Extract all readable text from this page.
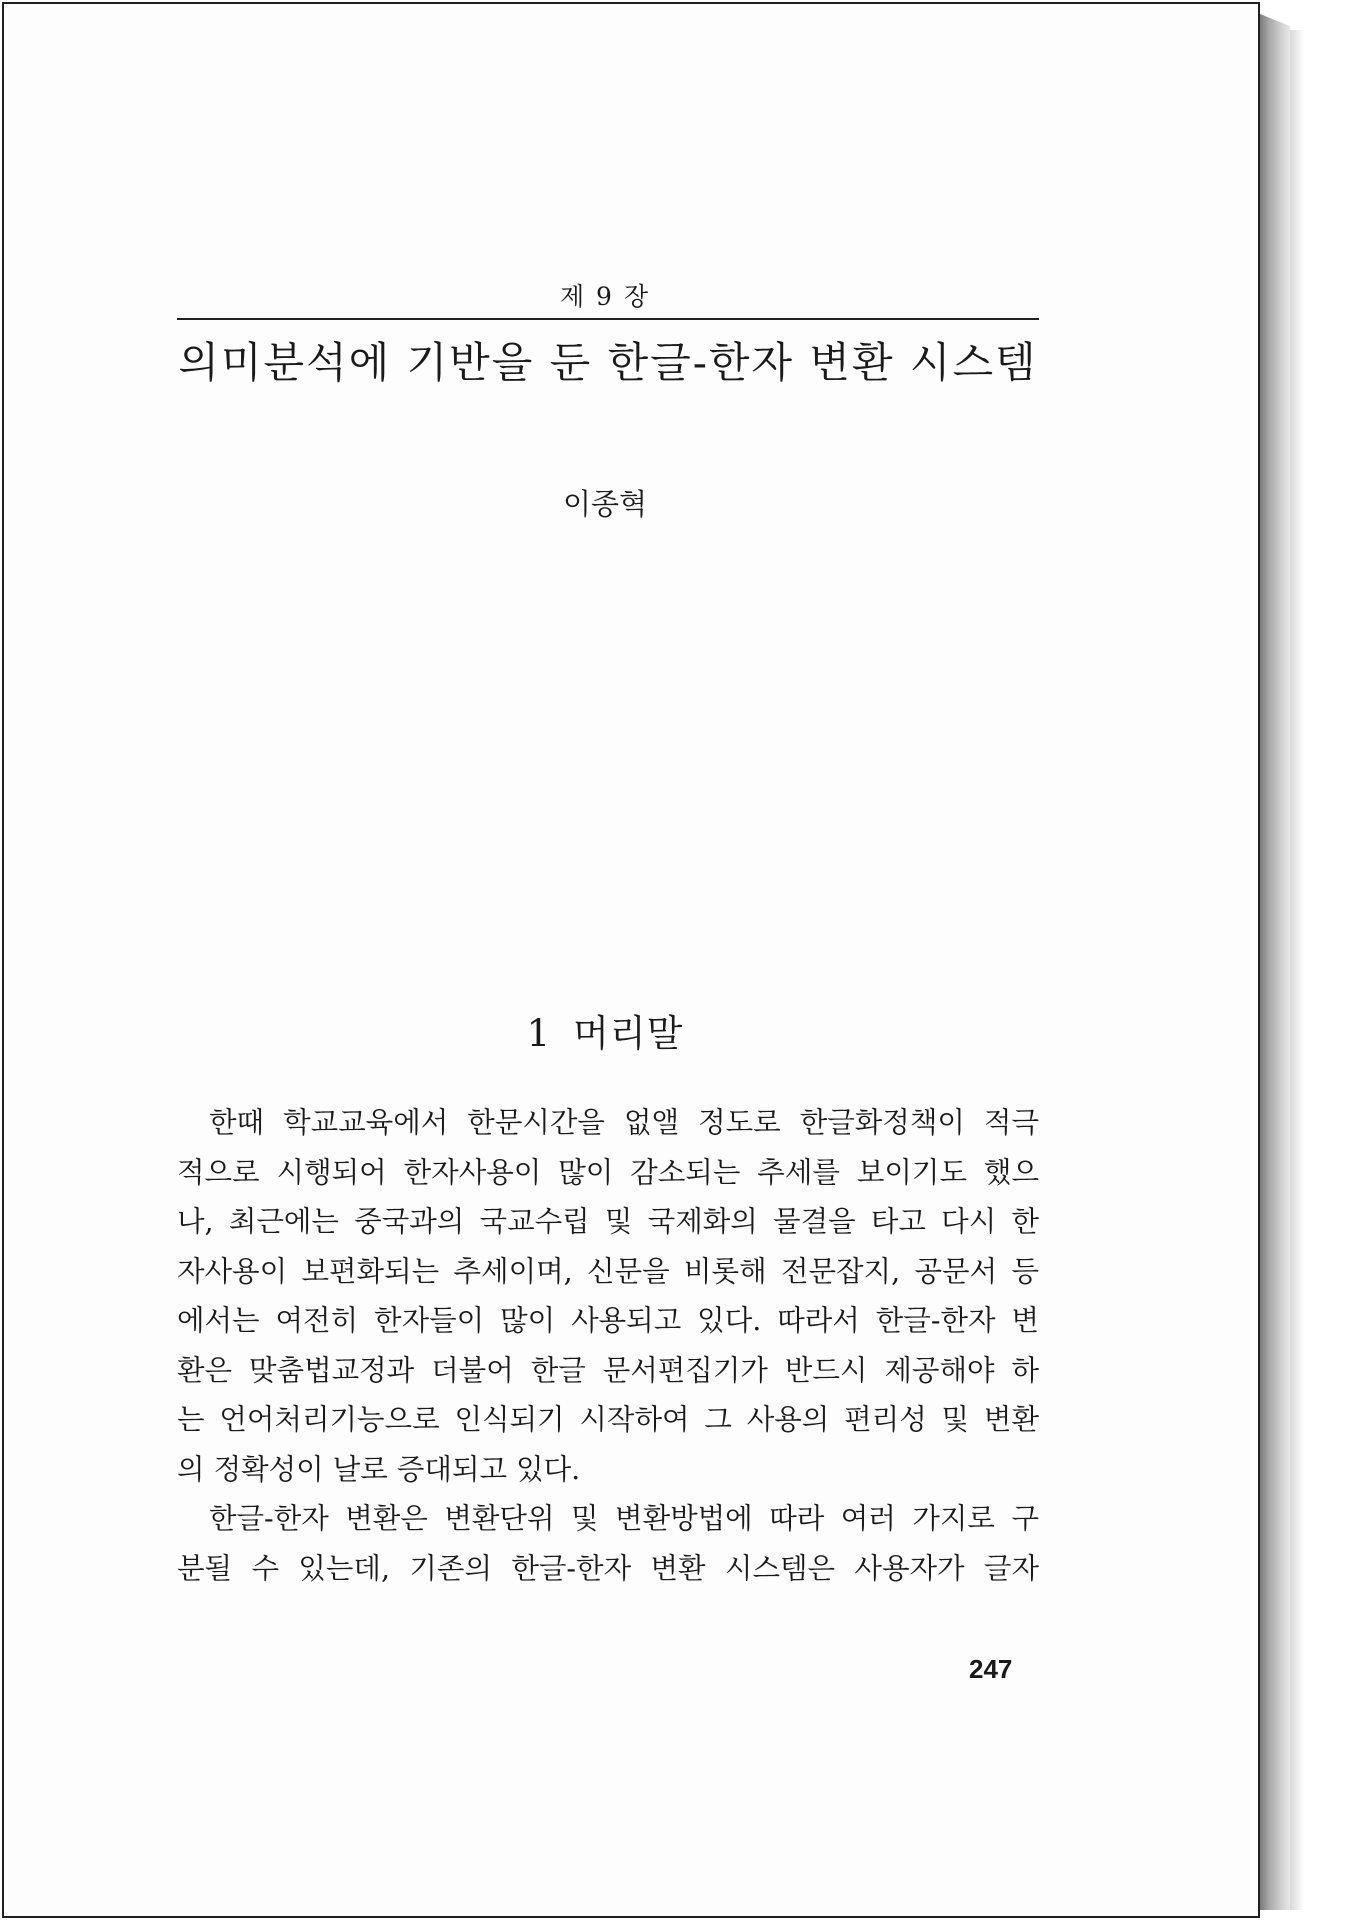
제 9 장
의미분석에 기반을 둔 한글-한자 변환 시스템
이종혁
1 머리말
한때 학교교육에서 한문시간을 없앨 정도로 한글화정책이 적극
적으로 시행되어 한자사용이 많이 감소되는 추세를 보이기도 했으
나, 최근에는 중국과의 국교수립 및 국제화의 물결을 타고 다시 한
자사용이 보편화되는 추세이며, 신문을 비롯해 전문잡지, 공문서 등
에서는 여전히 한자들이 많이 사용되고 있다. 따라서 한글-한자 변
환은 맞춤법교정과 더불어 한글 문서편집기가 반드시 제공해야 하
는 언어처리기능으로 인식되기 시작하여 그 사용의 편리성 및 변환
의 정확성이 날로 증대되고 있다.
한글-한자 변환은 변환단위 및 변환방법에 따라 여러 가지로 구
분될 수 있는데, 기존의 한글-한자 변환 시스템은 사용자가 글자
247
